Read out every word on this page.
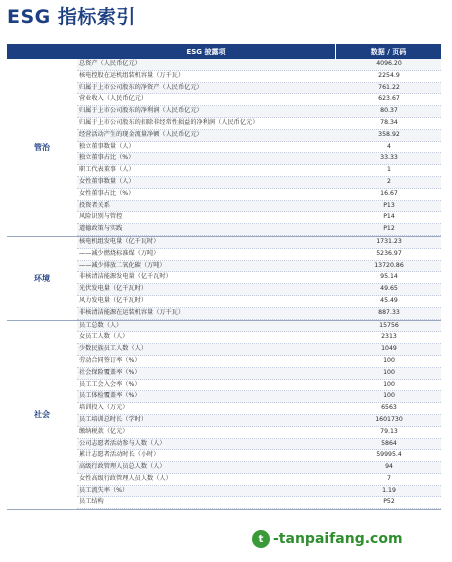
ESG 指标索引
ESG 披露项	数据 / 页码
管治
总资产（人民币亿元）	4096.20
核电控股在运机组装机容量（万千瓦）	2254.9
归属于上市公司股东的净资产（人民币亿元）	761.22
营业收入（人民币亿元）	623.67
归属于上市公司股东的净利润（人民币亿元）	80.37
归属于上市公司股东的扣除非经常性损益的净利润（人民币亿元）	78.34
经营活动产生的现金流量净额（人民币亿元）	358.92
独立董事数量（人）	4
独立董事占比（%）	33.33
职工代表董事（人）	1
女性董事数量（人）	2
女性董事占比（%）	16.67
投资者关系	P13
风险识别与管控	P14
道德政策与实践	P12
环境
核电机组发电量（亿千瓦时）	1731.23
——减少燃烧标准煤（万吨）	5236.97
——减少排放二氧化碳（万吨）	13720.86
非核清洁能源发电量（亿千瓦时）	95.14
光伏发电量（亿千瓦时）	49.65
风力发电量（亿千瓦时）	45.49
非核清洁能源在运装机容量（万千瓦）	887.33
社会
员工总数（人）	15756
女员工人数（人）	2313
少数民族员工人数（人）	1049
劳动合同签订率（%）	100
社会保险覆盖率（%）	100
员工工会入会率（%）	100
员工体检覆盖率（%）	100
培训投入（万元）	6563
员工培训总时长（学时）	1601730
缴纳税款（亿元）	79.13
公司志愿者活动参与人数（人）	5864
累计志愿者活动时长（小时）	59995.4
高级行政管理人员总人数（人）	94
女性高级行政管理人员人数（人）	7
员工流失率（%）	1.19
员工结构	P52
t -tanpaifang.com
